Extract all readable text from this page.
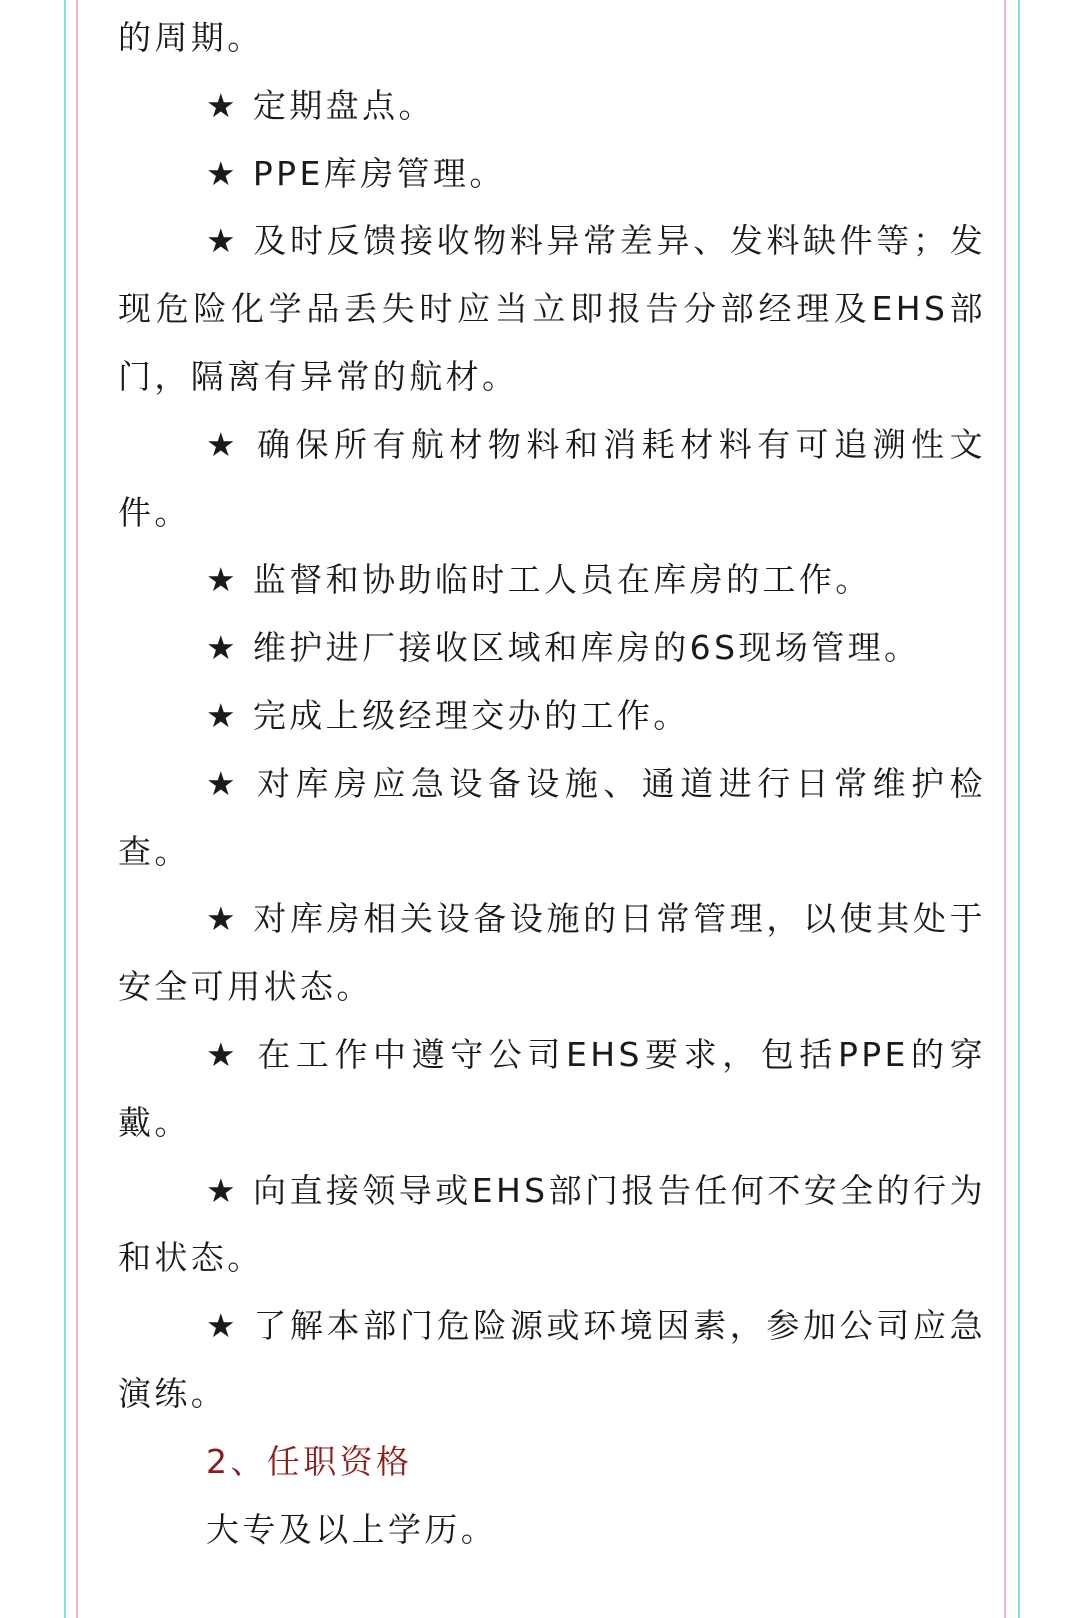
的周期。

★ 定期盘点。

★ PPE库房管理。

★ 及时反馈接收物料异常差异、发料缺件等；发现危险化学品丢失时应当立即报告分部经理及EHS部门，隔离有异常的航材。

★ 确保所有航材物料和消耗材料有可追溯性文件。

★ 监督和协助临时工人员在库房的工作。

★ 维护进厂接收区域和库房的6S现场管理。

★ 完成上级经理交办的工作。

★ 对库房应急设备设施、通道进行日常维护检查。

★ 对库房相关设备设施的日常管理，以使其处于安全可用状态。

★ 在工作中遵守公司EHS要求，包括PPE的穿戴。

★ 向直接领导或EHS部门报告任何不安全的行为和状态。

★ 了解本部门危险源或环境因素，参加公司应急演练。

2、任职资格

大专及以上学历。
